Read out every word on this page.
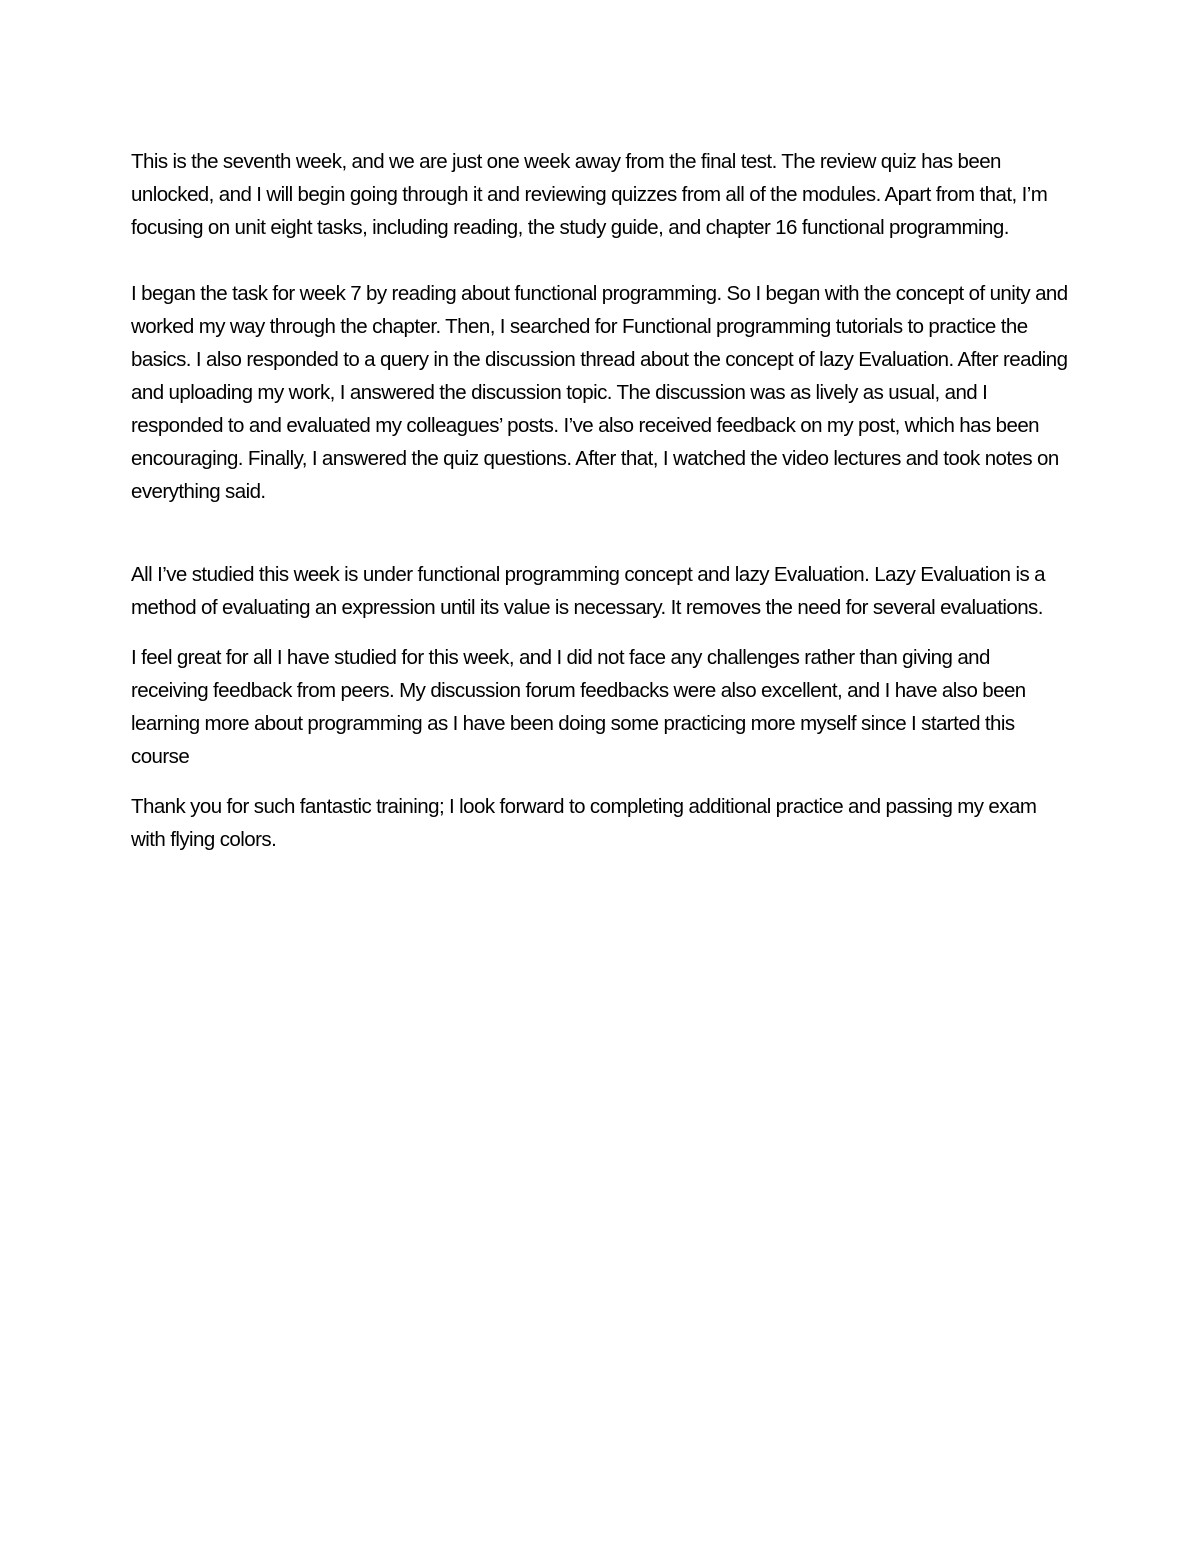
This is the seventh week, and we are just one week away from the final test. The review quiz has been unlocked, and I will begin going through it and reviewing quizzes from all of the modules. Apart from that, I’m focusing on unit eight tasks, including reading, the study guide, and chapter 16 functional programming.

I began the task for week 7 by reading about functional programming. So I began with the concept of unity and worked my way through the chapter. Then, I searched for Functional programming tutorials to practice the basics. I also responded to a query in the discussion thread about the concept of lazy Evaluation. After reading and uploading my work, I answered the discussion topic. The discussion was as lively as usual, and I responded to and evaluated my colleagues’ posts. I’ve also received feedback on my post, which has been encouraging. Finally, I answered the quiz questions. After that, I watched the video lectures and took notes on everything said.

All I’ve studied this week is under functional programming concept and lazy Evaluation. Lazy Evaluation is a method of evaluating an expression until its value is necessary. It removes the need for several evaluations.

I feel great for all I have studied for this week, and I did not face any challenges rather than giving and receiving feedback from peers. My discussion forum feedbacks were also excellent, and I have also been learning more about programming as I have been doing some practicing more myself since I started this course

Thank you for such fantastic training; I look forward to completing additional practice and passing my exam with flying colors.
